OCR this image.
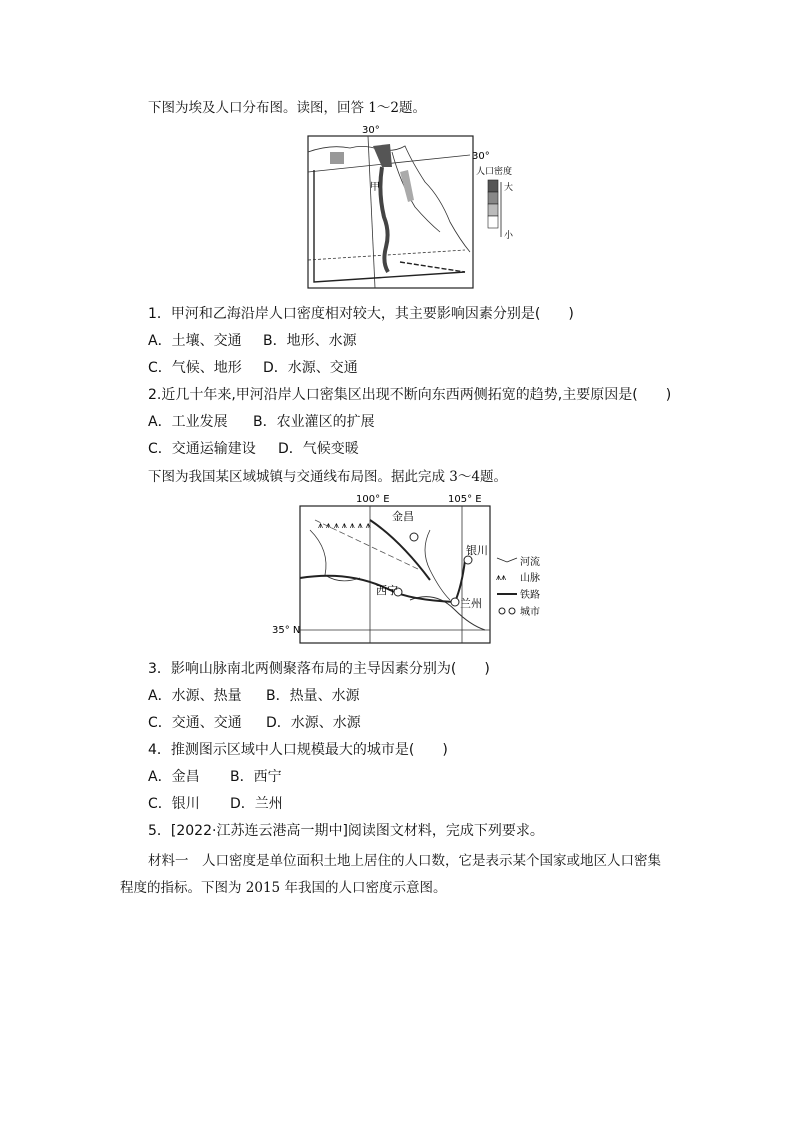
下图为埃及人口分布图。读图，回答 1～2题。
30°
30°
甲
人口密度
大
小
1．甲河和乙海沿岸人口密度相对较大，其主要影响因素分别是(　　)
A．土壤、交通 B．地形、水源
C．气候、地形 D．水源、交通
2.近几十年来,甲河沿岸人口密集区出现不断向东西两侧拓宽的趋势,主要原因是(　　)
A．工业发展 B．农业灌区的扩展
C．交通运输建设 D．气候变暖
下图为我国某区域城镇与交通线布局图。据此完成 3～4题。
100° E	105° E
35° N
⩚ ⩚ ⩚ ⩚ ⩚ ⩚ ⩚
金昌
银川
西宁
兰州
河流
⩚⩚ 山脉
铁路
城市
3．影响山脉南北两侧聚落布局的主导因素分别为(　　)
A．水源、热量 B．热量、水源
C．交通、交通 D．水源、水源
4．推测图示区域中人口规模最大的城市是(　　)
A．金昌 B．西宁
C．银川 D．兰州
5．[2022·江苏连云港高一期中]阅读图文材料，完成下列要求。
材料一　人口密度是单位面积土地上居住的人口数，它是表示某个国家或地区人口密集
程度的指标。下图为 2015 年我国的人口密度示意图。
